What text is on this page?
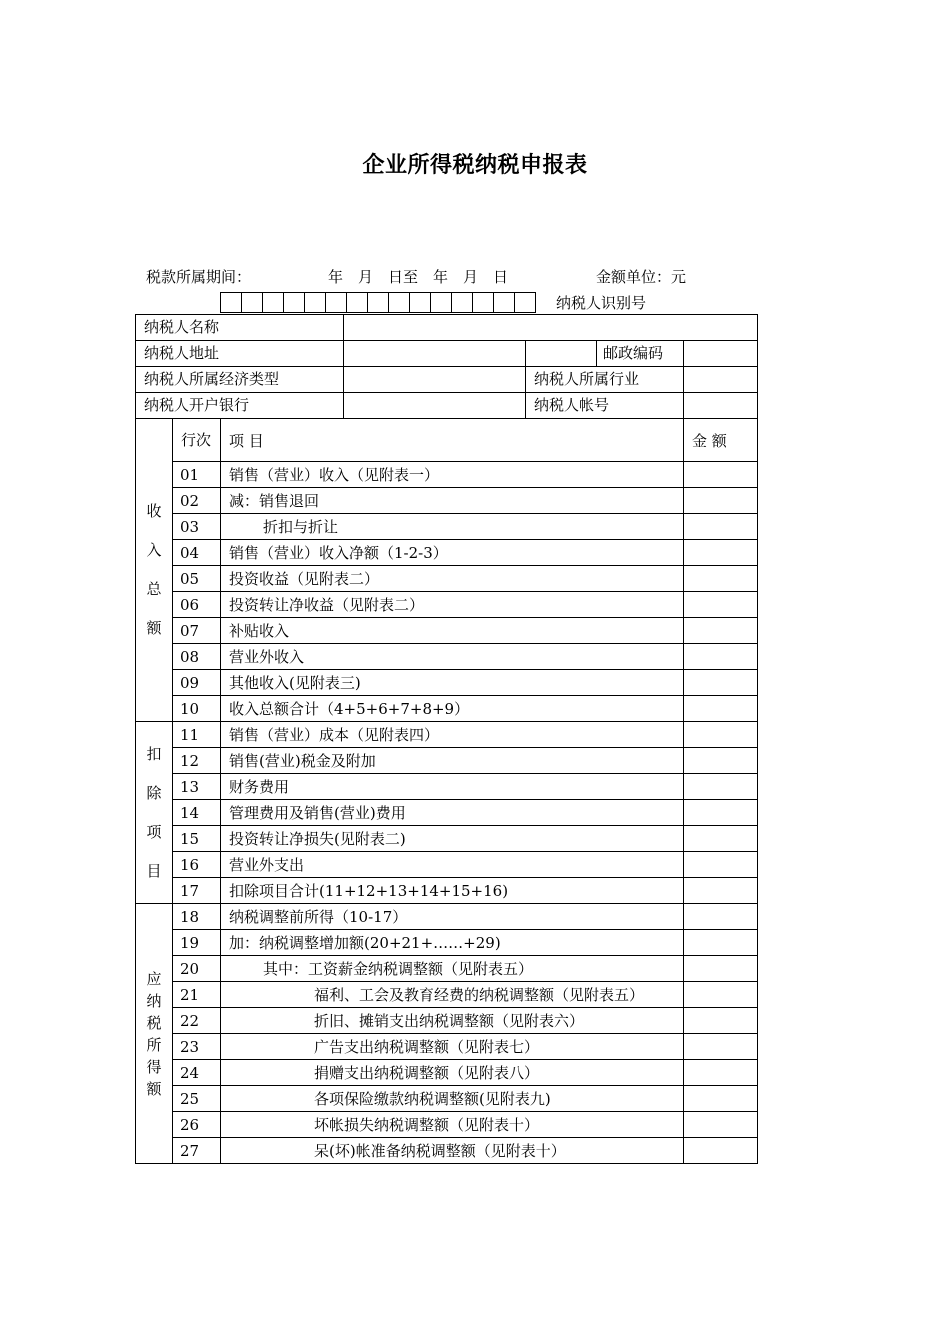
企业所得税纳税申报表
税款所属期间：	年　月　日至　年　月　日	金额单位：元
纳税人识别号
纳税人名称				

纳税人地址			邮政编码	

纳税人所属经济类型			纳税人所属行业	

纳税人开户银行			纳税人帐号	

收入总额	行次	项 目		金 额
	01	销售（营业）收入（见附表一）		
	02	减：销售退回		
	03	折扣与折让		
	04	销售（营业）收入净额（1-2-3）		
	05	投资收益（见附表二）		
	06	投资转让净收益（见附表二）		
	07	补贴收入		
	08	营业外收入		
	09	其他收入(见附表三)		
	10	收入总额合计（4+5+6+7+8+9）		
扣除项目	11	销售（营业）成本（见附表四）		
	12	销售(营业)税金及附加		
	13	财务费用		
	14	管理费用及销售(营业)费用		
	15	投资转让净损失(见附表二)		
	16	营业外支出		
	17	扣除项目合计(11+12+13+14+15+16)		
应纳税所得额	18	纳税调整前所得（10-17）		
	19	加：纳税调整增加额(20+21+……+29)		
	20	其中：工资薪金纳税调整额（见附表五）		
	21	福利、工会及教育经费的纳税调整额（见附表五）		
	22	折旧、摊销支出纳税调整额（见附表六）		
	23	广告支出纳税调整额（见附表七）		
	24	捐赠支出纳税调整额（见附表八）		
	25	各项保险缴款纳税调整额(见附表九)		
	26	坏帐损失纳税调整额（见附表十）		
	27	呆(坏)帐准备纳税调整额（见附表十）		
